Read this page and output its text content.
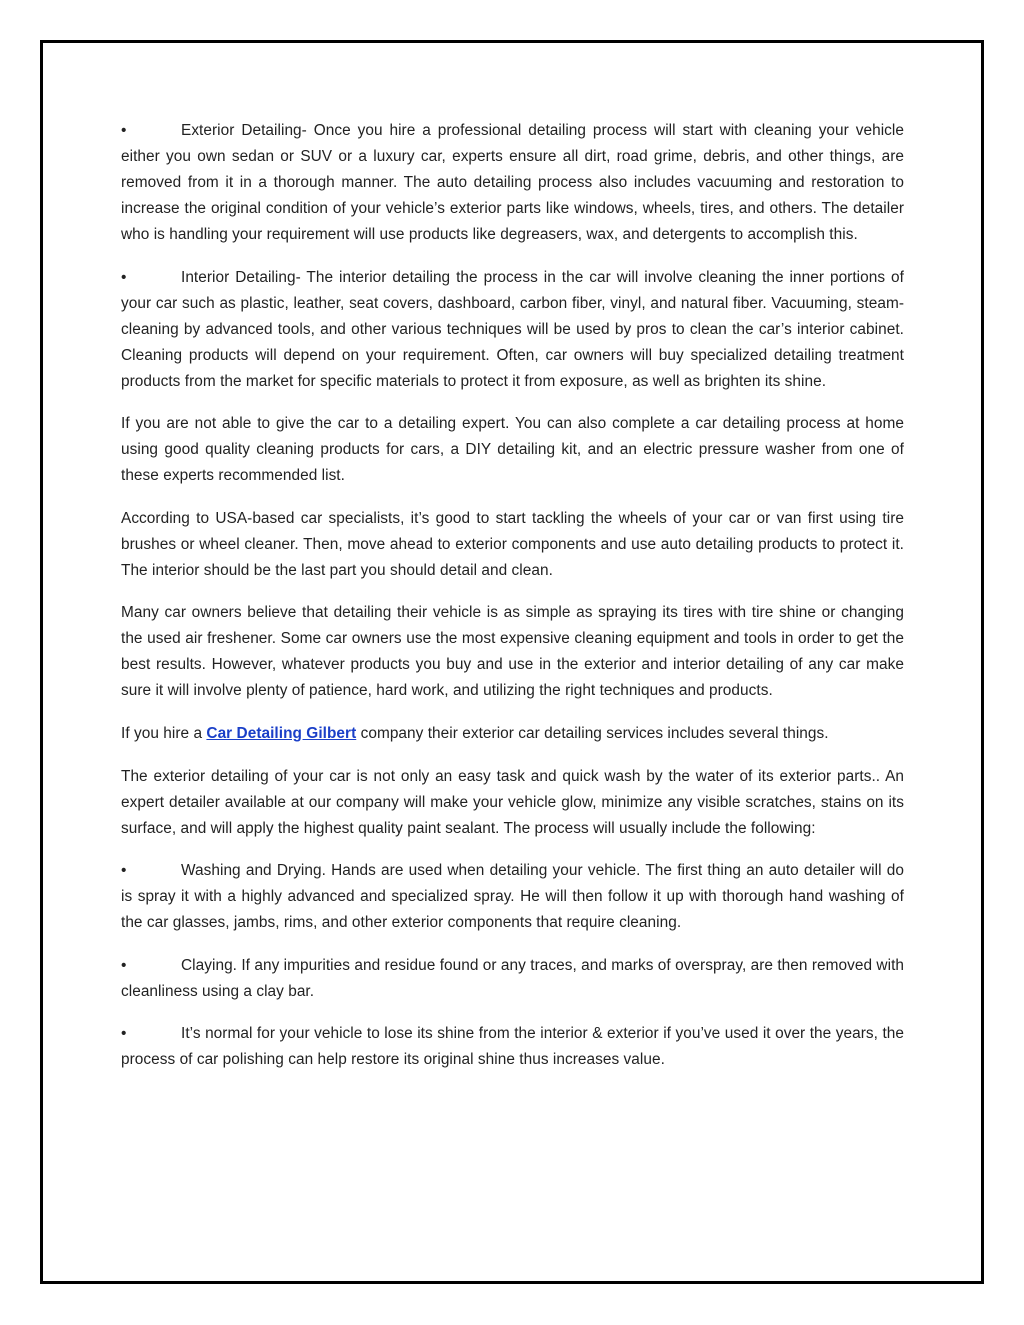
•	Exterior Detailing- Once you hire a professional detailing process will start with cleaning your vehicle either you own sedan or SUV or a luxury car, experts ensure all dirt, road grime, debris, and other things, are removed from it in a thorough manner. The auto detailing process also includes vacuuming and restoration to increase the original condition of your vehicle’s exterior parts like windows, wheels, tires, and others. The detailer who is handling your requirement will use products like degreasers, wax, and detergents to accomplish this.

•	Interior Detailing- The interior detailing the process in the car will involve cleaning the inner portions of your car such as plastic, leather, seat covers, dashboard, carbon fiber, vinyl, and natural fiber. Vacuuming, steam-cleaning by advanced tools, and other various techniques will be used by pros to clean the car’s interior cabinet. Cleaning products will depend on your requirement. Often, car owners will buy specialized detailing treatment products from the market for specific materials to protect it from exposure, as well as brighten its shine.

If you are not able to give the car to a detailing expert. You can also complete a car detailing process at home using good quality cleaning products for cars, a DIY detailing kit, and an electric pressure washer from one of these experts recommended list.

According to USA-based car specialists, it’s good to start tackling the wheels of your car or van first using tire brushes or wheel cleaner. Then, move ahead to exterior components and use auto detailing products to protect it. The interior should be the last part you should detail and clean.

Many car owners believe that detailing their vehicle is as simple as spraying its tires with tire shine or changing the used air freshener. Some car owners use the most expensive cleaning equipment and tools in order to get the best results. However, whatever products you buy and use in the exterior and interior detailing of any car make sure it will involve plenty of patience, hard work, and utilizing the right techniques and products.

If you hire a Car Detailing Gilbert company their exterior car detailing services includes several things.

The exterior detailing of your car is not only an easy task and quick wash by the water of its exterior parts.. An expert detailer available at our company will make your vehicle glow, minimize any visible scratches, stains on its surface, and will apply the highest quality paint sealant. The process will usually include the following:

•	Washing and Drying. Hands are used when detailing your vehicle. The first thing an auto detailer will do is spray it with a highly advanced and specialized spray. He will then follow it up with thorough hand washing of the car glasses, jambs, rims, and other exterior components that require cleaning.

•	Claying. If any impurities and residue found or any traces, and marks of overspray, are then removed with cleanliness using a clay bar.

•	It’s normal for your vehicle to lose its shine from the interior & exterior if you’ve used it over the years, the process of car polishing can help restore its original shine thus increases value.
